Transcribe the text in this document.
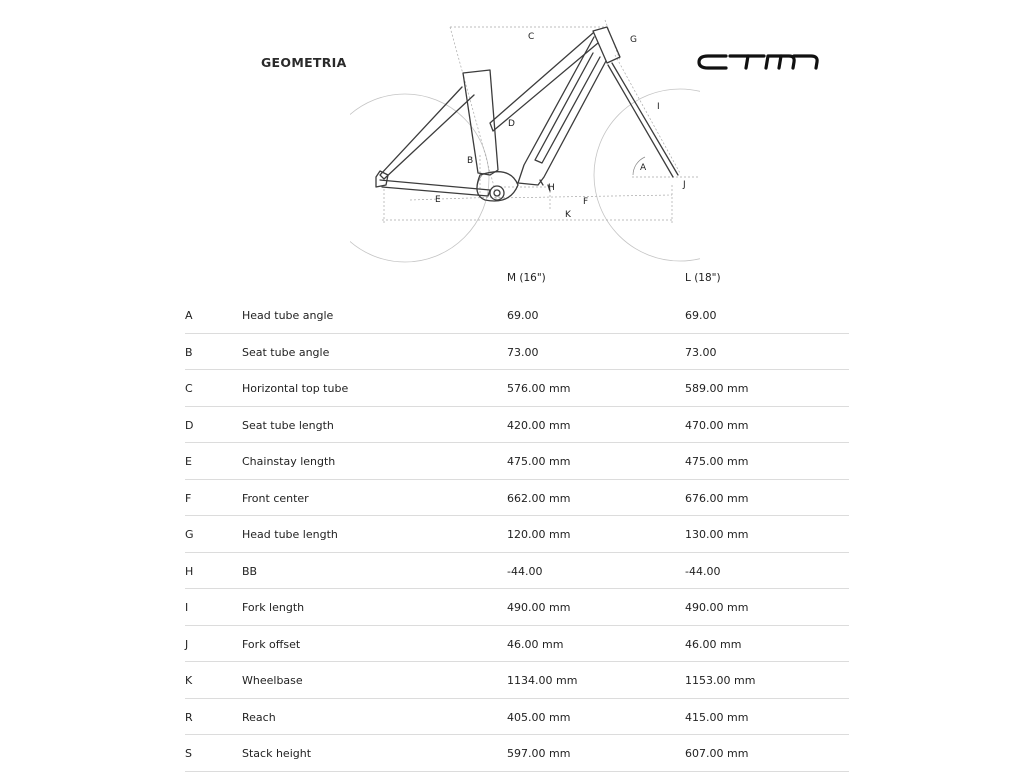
GEOMETRIA
C	G
I
D
A
B
H	J
E	F
K
M (16")	L (18")
A	Head tube angle	69.00	69.00
B	Seat tube angle	73.00	73.00
C	Horizontal top tube	576.00 mm	589.00 mm
D	Seat tube length	420.00 mm	470.00 mm
E	Chainstay length	475.00 mm	475.00 mm
F	Front center	662.00 mm	676.00 mm
G	Head tube length	120.00 mm	130.00 mm
H	BB	-44.00	-44.00
I	Fork length	490.00 mm	490.00 mm
J	Fork offset	46.00 mm	46.00 mm
K	Wheelbase	1134.00 mm	1153.00 mm
R	Reach	405.00 mm	415.00 mm
S	Stack height	597.00 mm	607.00 mm
